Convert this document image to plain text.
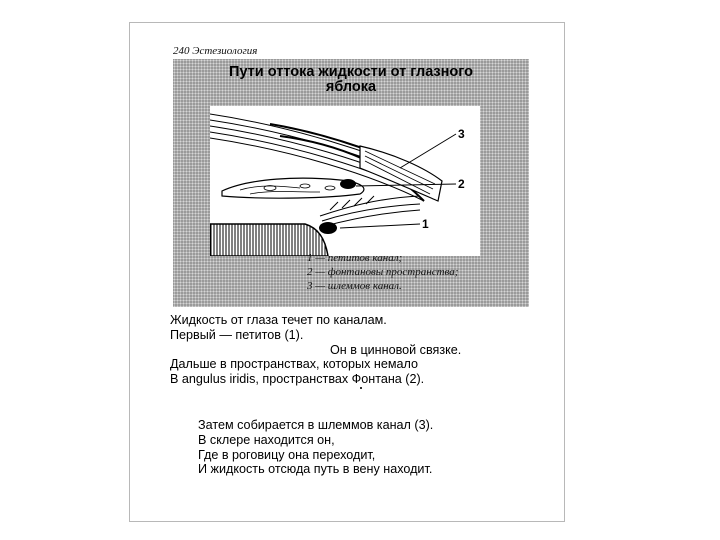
240 Эстезиология
Пути оттока жидкости от глазного
яблока
3
2
1
1 — петитов канал;
2 — фонтановы пространства;
3 — шлеммов канал.
Жидкость от глаза течет по каналам.
Первый — петитов (1).
Он в цинновой связке.
Дальше в пространствах, которых немало
В angulus iridis, пространствах Фонтана (2).
Затем собирается в шлеммов канал (3).
В склере находится он,
Где в роговицу она переходит,
И жидкость отсюда путь в вену находит.
